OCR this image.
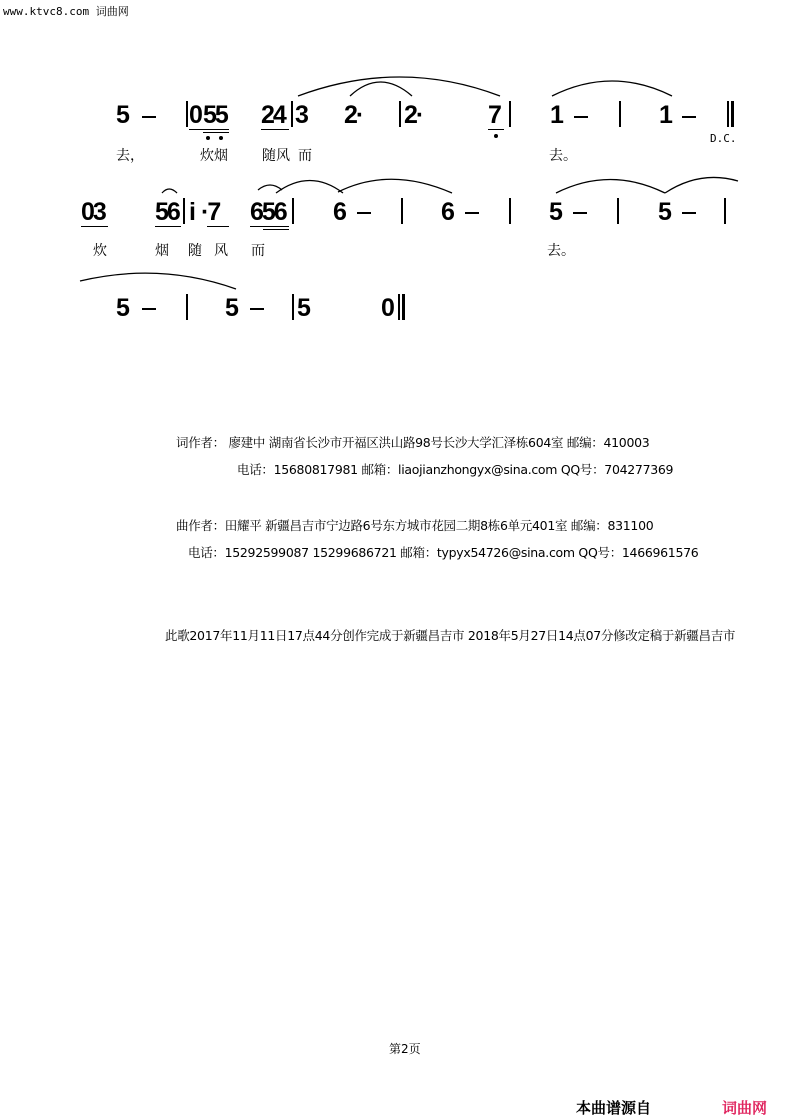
www.ktvc8.com 词曲网
5 0 55 24 3 2· 2·	7 1	1
D.C.
去，	炊烟 随风 而	去。
03 56 i ·7 656 6	6	5	5
炊	烟 随 风 而	去。
5	5 5	0
词作者： 廖建中 湖南省长沙市开福区洪山路98号长沙大学汇泽栋604室 邮编：410003
电话：15680817981 邮箱：liaojianzhongyx@sina.com QQ号：704277369
曲作者：田耀平 新疆昌吉市宁边路6号东方城市花园二期8栋6单元401室 邮编：831100
电话：15292599087 15299686721 邮箱：typyx54726@sina.com QQ号：1466961576
此歌2017年11月11日17点44分创作完成于新疆昌吉市 2018年5月27日14点07分修改定稿于新疆昌吉市
第2页
本曲谱源自	词曲网
